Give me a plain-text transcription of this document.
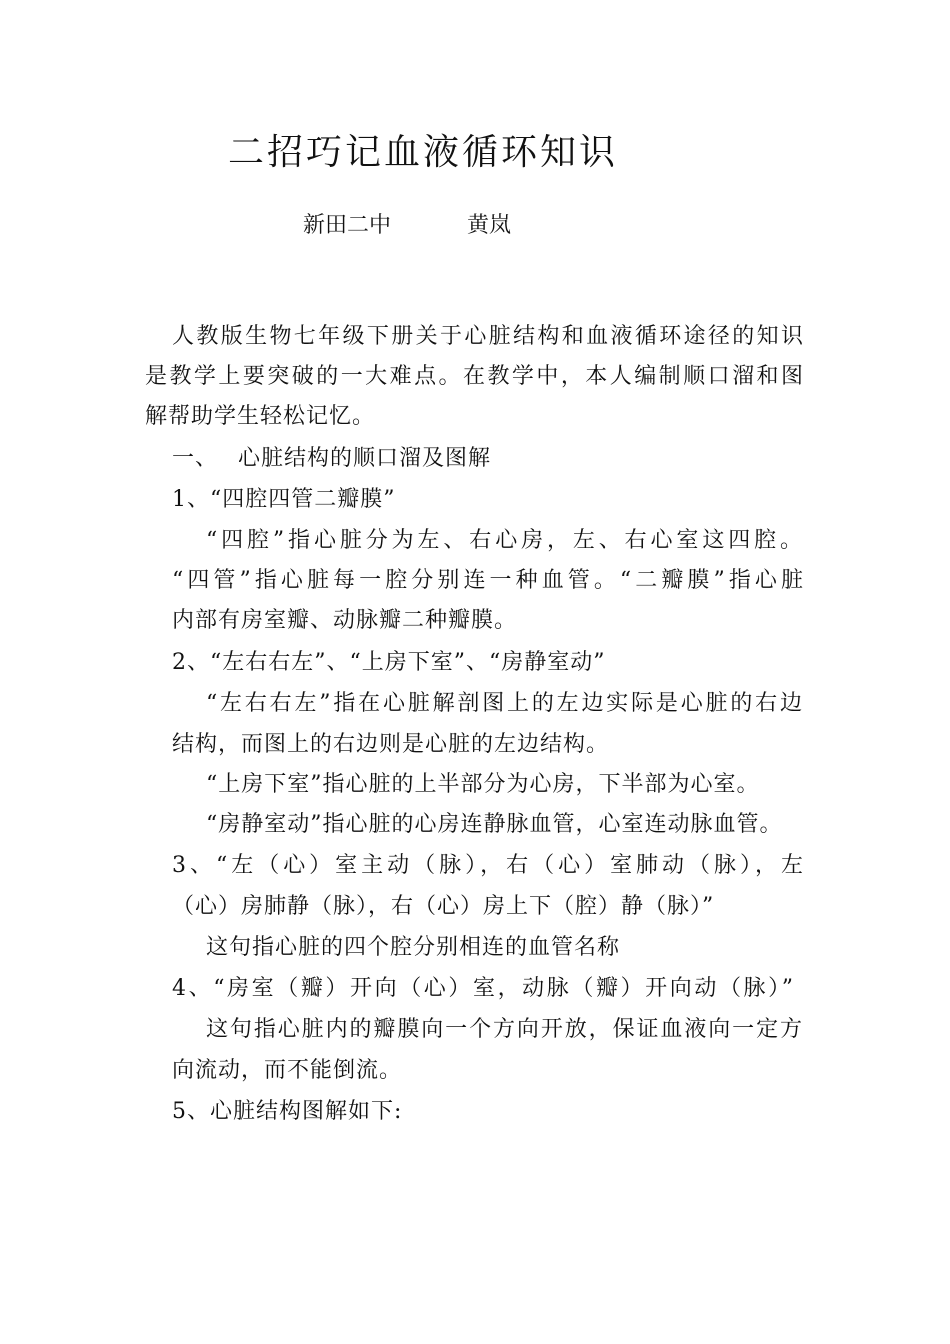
二招巧记血液循环知识
新田二中	黄岚
人教版生物七年级下册关于心脏结构和血液循环途径的知识
是教学上要突破的一大难点。在教学中，本人编制顺口溜和图
解帮助学生轻松记忆。
一、　 心脏结构的顺口溜及图解
1、“四腔四管二瓣膜”
“四腔”指心脏分为左、右心房，左、右心室这四腔。
“四管”指心脏每一腔分别连一种血管。“二瓣膜”指心脏
内部有房室瓣、动脉瓣二种瓣膜。
2、“左右右左”、“上房下室”、“房静室动”
“左右右左”指在心脏解剖图上的左边实际是心脏的右边
结构，而图上的右边则是心脏的左边结构。
“上房下室”指心脏的上半部分为心房，下半部为心室。
“房静室动”指心脏的心房连静脉血管，心室连动脉血管。
3、“左（心）室主动（脉），右（心）室肺动（脉），左
（心）房肺静（脉），右（心）房上下（腔）静（脉）”
这句指心脏的四个腔分别相连的血管名称
4、“房室（瓣）开向（心）室，动脉（瓣）开向动（脉）”
这句指心脏内的瓣膜向一个方向开放，保证血液向一定方
向流动，而不能倒流。
5、心脏结构图解如下:
